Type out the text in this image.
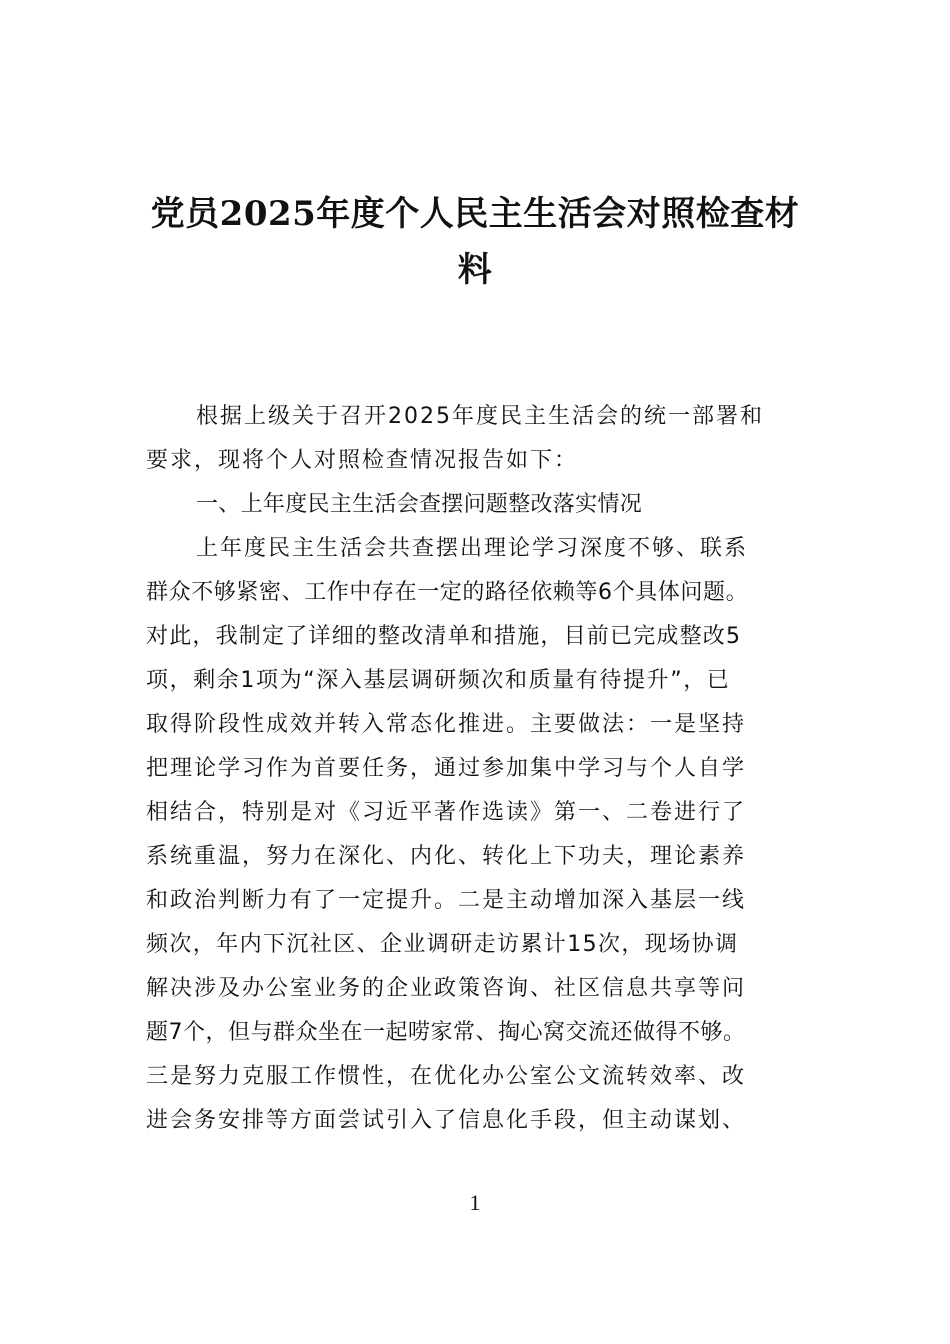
党员2025年度个人民主生活会对照检查材
料
根据上级关于召开2025年度民主生活会的统一部署和
要求，现将个人对照检查情况报告如下：
一、上年度民主生活会查摆问题整改落实情况
上年度民主生活会共查摆出理论学习深度不够、联系
群众不够紧密、工作中存在一定的路径依赖等6个具体问题。
对此，我制定了详细的整改清单和措施，目前已完成整改5
项，剩余1项为“深入基层调研频次和质量有待提升”，已
取得阶段性成效并转入常态化推进。主要做法：一是坚持
把理论学习作为首要任务，通过参加集中学习与个人自学
相结合，特别是对《习近平著作选读》第一、二卷进行了
系统重温，努力在深化、内化、转化上下功夫，理论素养
和政治判断力有了一定提升。二是主动增加深入基层一线
频次，年内下沉社区、企业调研走访累计15次，现场协调
解决涉及办公室业务的企业政策咨询、社区信息共享等问
题7个，但与群众坐在一起唠家常、掏心窝交流还做得不够。
三是努力克服工作惯性，在优化办公室公文流转效率、改
进会务安排等方面尝试引入了信息化手段，但主动谋划、
1
